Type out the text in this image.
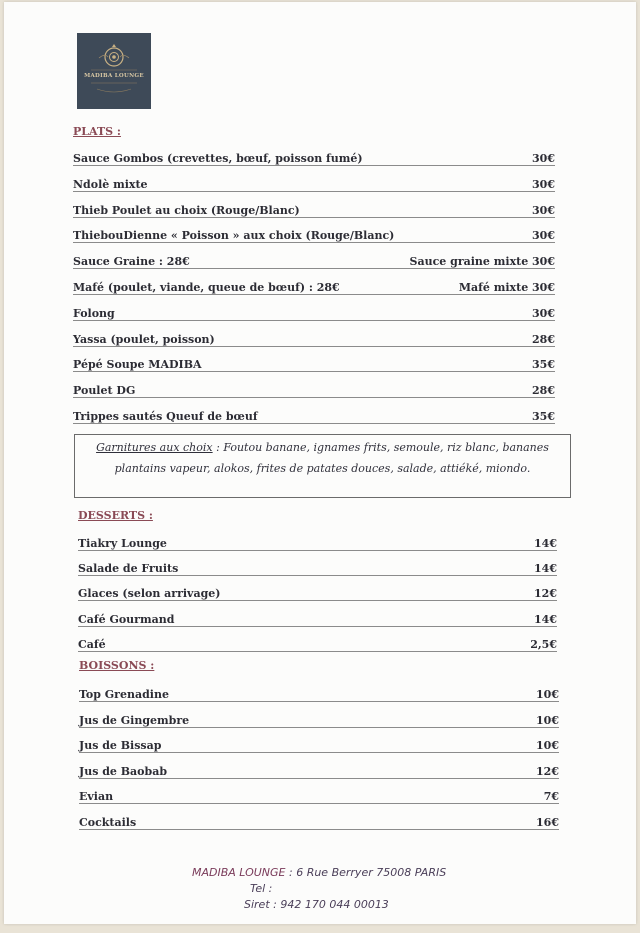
MADIBA LOUNGE
PLATS :
Sauce Gombos (crevettes, bœuf, poisson fumé)	30€
Ndolè mixte	30€
Thieb Poulet au choix (Rouge/Blanc)	30€
ThiebouDienne « Poisson » aux choix (Rouge/Blanc)	30€
Sauce Graine : 28€	Sauce graine mixte 30€
Mafé (poulet, viande, queue de bœuf) : 28€	Mafé mixte 30€
Folong	30€
Yassa (poulet, poisson)	28€
Pépé Soupe MADIBA	35€
Poulet DG	28€
Trippes sautés Queuf de bœuf	35€
Garnitures aux choix : Foutou banane, ignames frits, semoule, riz blanc, bananes plantains vapeur, alokos, frites de patates douces, salade, attiéké, miondo.
DESSERTS :
Tiakry Lounge	14€
Salade de Fruits	14€
Glaces (selon arrivage)	12€
Café Gourmand	14€
Café	2,5€
BOISSONS :
Top Grenadine	10€
Jus de Gingembre	10€
Jus de Bissap	10€
Jus de Baobab	12€
Evian	7€
Cocktails	16€
MADIBA LOUNGE : 6 Rue Berryer 75008 PARIS
Tel :
Siret : 942 170 044 00013
